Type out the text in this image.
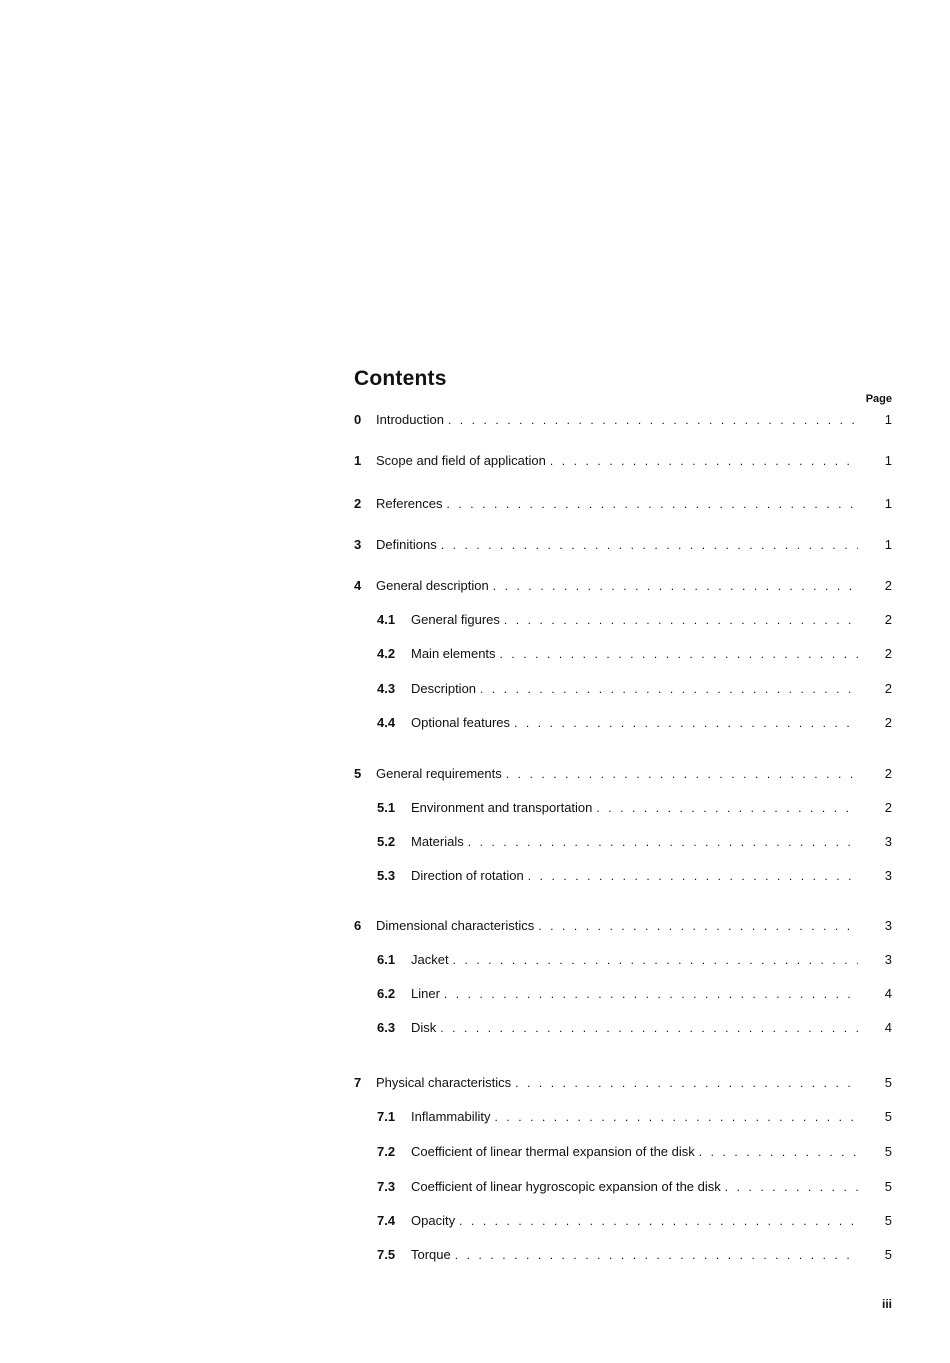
Contents
Page
0	Introduction . . .	1
1	Scope and field of application . . .	1
2	References . . .	1
3	Definitions . . .	1
4	General description . . .	2
4.1	General figures . . .	2
4.2	Main elements . . .	2
4.3	Description . . .	2
4.4	Optional features . . .	2
5	General requirements . . .	2
5.1	Environment and transportation . . .	2
5.2	Materials . . .	3
5.3	Direction of rotation . . .	3
6	Dimensional characteristics . . .	3
6.1	Jacket . . .	3
6.2	Liner . . .	4
6.3	Disk . . .	4
7	Physical characteristics . . .	5
7.1	Inflammability . . .	5
7.2	Coefficient of linear thermal expansion of the disk . . .	5
7.3	Coefficient of linear hygroscopic expansion of the disk . . .	5
7.4	Opacity . . .	5
7.5	Torque . . .	5
iii
